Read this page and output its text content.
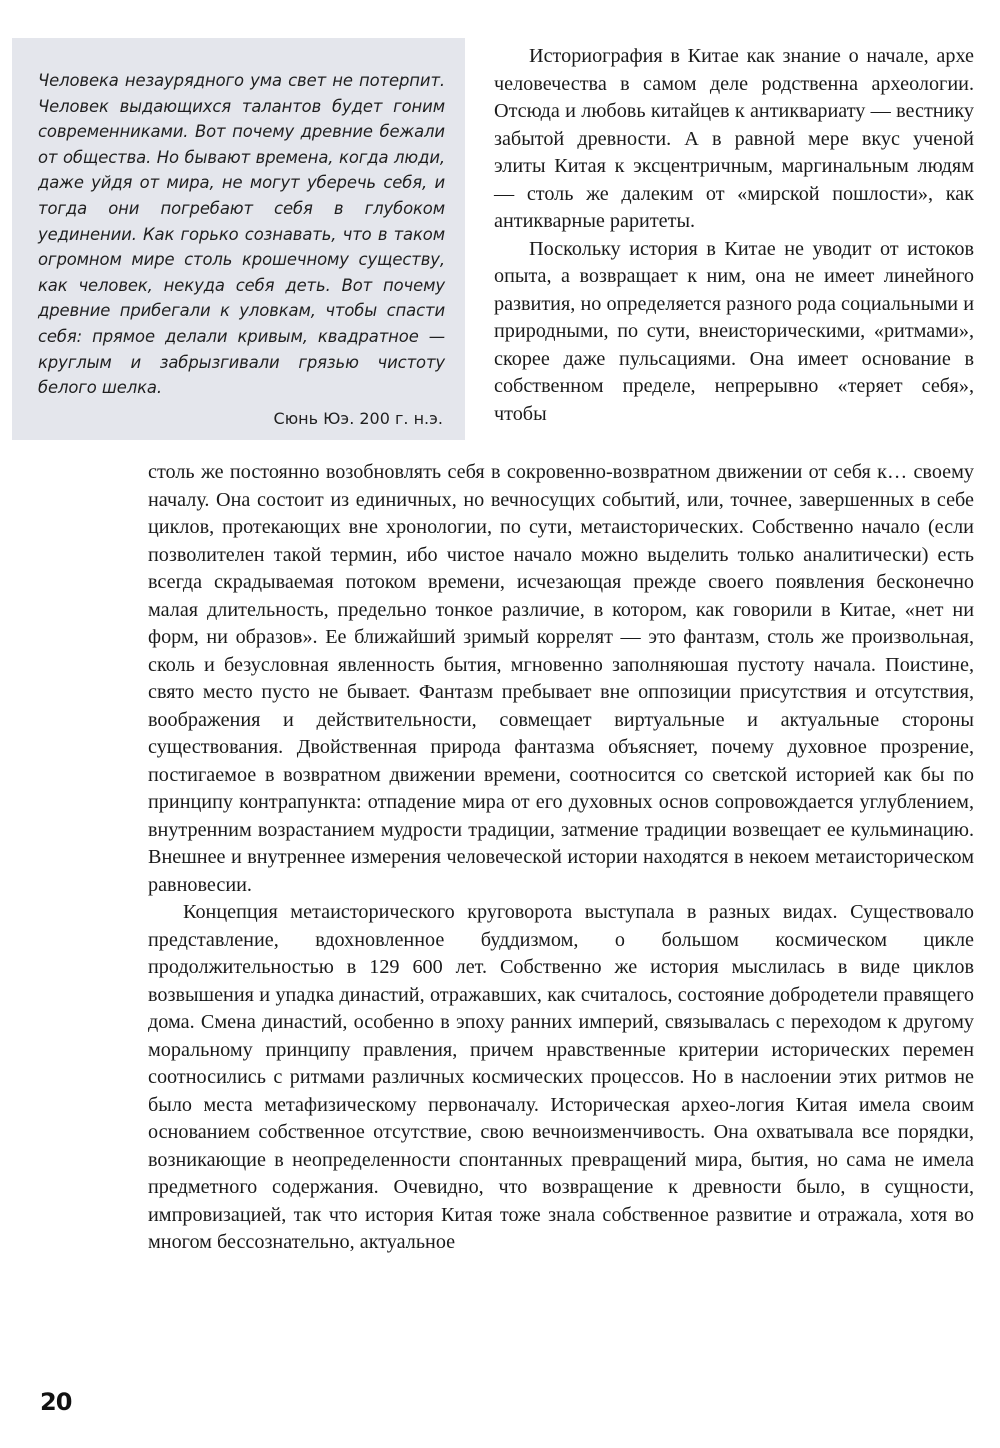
Человека незаурядного ума свет не потерпит. Человек выдающихся талантов будет гоним современниками. Вот почему древние бежали от общества. Но бывают времена, когда люди, даже уйдя от мира, не могут уберечь себя, и тогда они погребают себя в глубоком уединении. Как горько сознавать, что в таком огромном мире столь крошечному существу, как человек, некуда себя деть. Вот почему древние прибегали к уловкам, чтобы спасти себя: прямое делали кривым, квадратное — круглым и забрызгивали грязью чистоту белого шелка.

Сюнь Юэ. 200 г. н.э.

Историография в Китае как знание о начале, архе человечества в самом деле родственна археологии. Отсюда и любовь китайцев к антиквариату — вестнику забытой древности. А в равной мере вкус ученой элиты Китая к эксцентричным, маргинальным людям — столь же далеким от «мирской пошлости», как антикварные раритеты.

Поскольку история в Китае не уводит от истоков опыта, а возвращает к ним, она не имеет линейного развития, но определяется разного рода социальными и природными, по сути, внеисторическими, «ритмами», скорее даже пульсациями. Она имеет основание в собственном пределе, непрерывно «теряет себя», чтобы

столь же постоянно возобновлять себя в сокровенно-возвратном движении от себя к… своему началу. Она состоит из единичных, но вечносущих событий, или, точнее, завершенных в себе циклов, протекающих вне хронологии, по сути, метаисторических. Собственно начало (если позволителен такой термин, ибо чистое начало можно выделить только аналитически) есть всегда скрадываемая потоком времени, исчезающая прежде своего появления бесконечно малая длительность, предельно тонкое различие, в котором, как говорили в Китае, «нет ни форм, ни образов». Ее ближайший зримый коррелят — это фантазм, столь же произвольная, сколь и безусловная явленность бытия, мгновенно заполняюшая пустоту начала. Поистине, свято место пусто не бывает. Фантазм пребывает вне оппозиции присутствия и отсутствия, воображения и действительности, совмещает виртуальные и актуальные стороны существования. Двойственная природа фантазма объясняет, почему духовное прозрение, постигаемое в возвратном движении времени, соотносится со светской историей как бы по принципу контрапункта: отпадение мира от его духовных основ сопровождается углублением, внутренним возрастанием мудрости традиции, затмение традиции возвещает ее кульминацию. Внешнее и внутреннее измерения человеческой истории находятся в некоем метаисторическом равновесии.

Концепция метаисторического круговорота выступала в разных видах. Существовало представление, вдохновленное буддизмом, о большом космическом цикле продолжительностью в 129 600 лет. Собственно же история мыслилась в виде циклов возвышения и упадка династий, отражавших, как считалось, состояние добродетели правящего дома. Смена династий, особенно в эпоху ранних империй, связывалась с переходом к другому моральному принципу правления, причем нравственные критерии исторических перемен соотносились с ритмами различных космических процессов. Но в наслоении этих ритмов не было места метафизическому первоначалу. Историческая архео-логия Китая имела своим основанием собственное отсутствие, свою вечноизменчивость. Она охватывала все порядки, возникающие в неопределенности спонтанных превращений мира, бытия, но сама не имела предметного содержания. Очевидно, что возвращение к древности было, в сущности, импровизацией, так что история Китая тоже знала собственное развитие и отражала, хотя во многом бессознательно, актуальное

20
